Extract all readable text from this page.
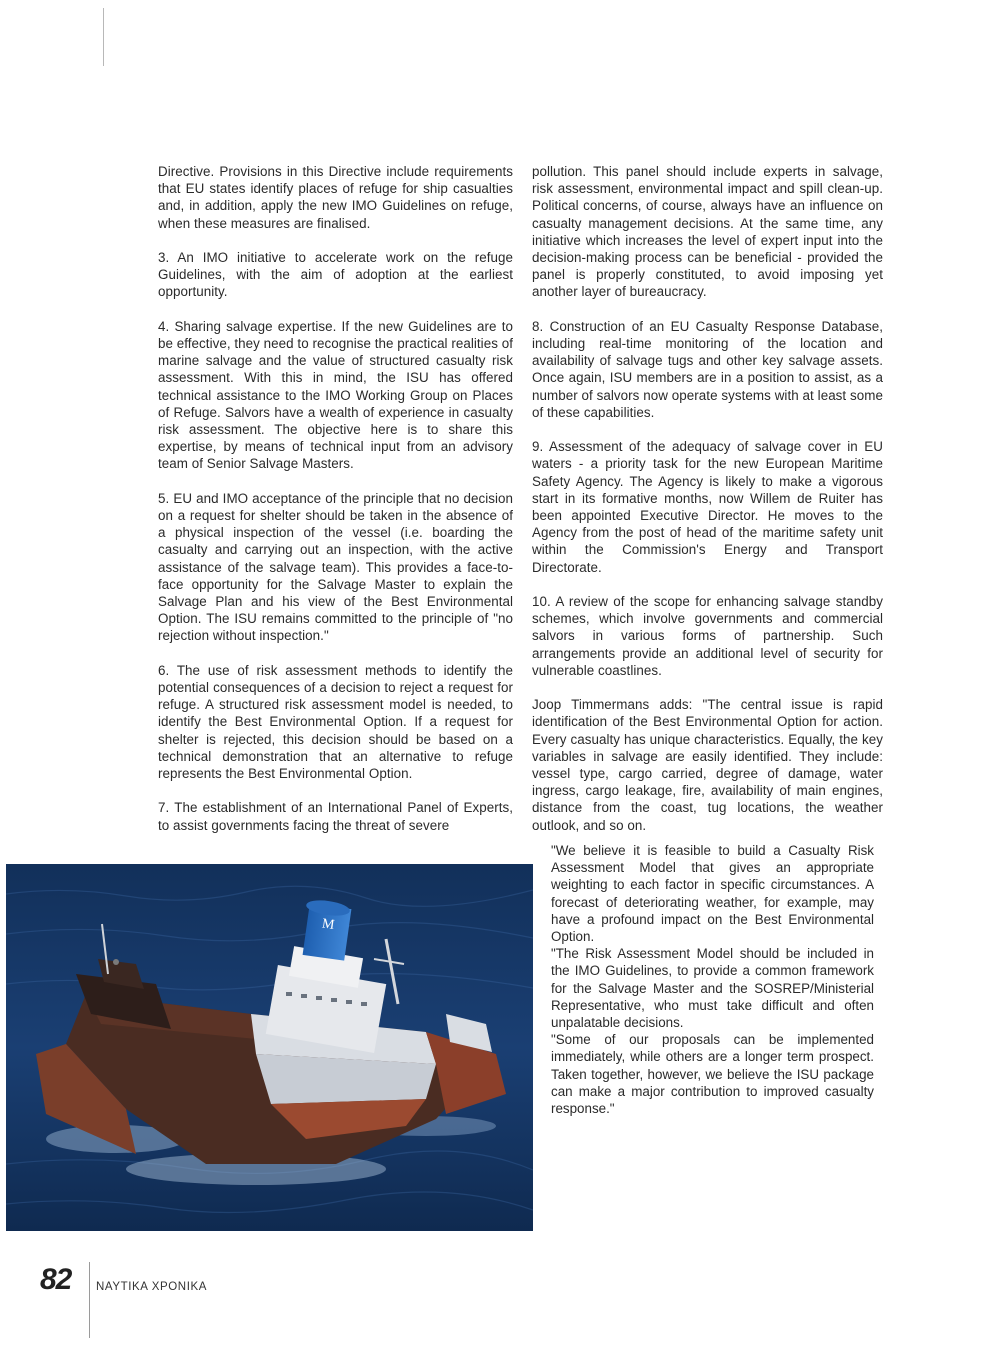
Directive. Provisions in this Directive include requirements that EU states identify places of refuge for ship casualties and, in addition, apply the new IMO Guidelines on refuge, when these measures are finalised.

3. An IMO initiative to accelerate work on the refuge Guidelines, with the aim of adoption at the earliest opportunity.

4. Sharing salvage expertise. If the new Guidelines are to be effective, they need to recognise the practical realities of marine salvage and the value of structured casualty risk assessment. With this in mind, the ISU has offered technical assistance to the IMO Working Group on Places of Refuge. Salvors have a wealth of experience in casualty risk assessment. The objective here is to share this expertise, by means of technical input from an advisory team of Senior Salvage Masters.

5. EU and IMO acceptance of the principle that no decision on a request for shelter should be taken in the absence of a physical inspection of the vessel (i.e. boarding the casualty and carrying out an inspection, with the active assistance of the salvage team). This provides a face-to-face opportunity for the Salvage Master to explain the Salvage Plan and his view of the Best Environmental Option. The ISU remains committed to the principle of "no rejection without inspection."

6. The use of risk assessment methods to identify the potential consequences of a decision to reject a request for refuge. A structured risk assessment model is needed, to identify the Best Environmental Option. If a request for shelter is rejected, this decision should be based on a technical demonstration that an alternative to refuge represents the Best Environmental Option.

7. The establishment of an International Panel of Experts, to assist governments facing the threat of severe

pollution. This panel should include experts in salvage, risk assessment, environmental impact and spill clean-up. Political concerns, of course, always have an influence on casualty management decisions. At the same time, any initiative which increases the level of expert input into the decision-making process can be beneficial - provided the panel is properly constituted, to avoid imposing yet another layer of bureaucracy.

8. Construction of an EU Casualty Response Database, including real-time monitoring of the location and availability of salvage tugs and other key salvage assets. Once again, ISU members are in a position to assist, as a number of salvors now operate systems with at least some of these capabilities.

9. Assessment of the adequacy of salvage cover in EU waters - a priority task for the new European Maritime Safety Agency. The Agency is likely to make a vigorous start in its formative months, now Willem de Ruiter has been appointed Executive Director. He moves to the Agency from the post of head of the maritime safety unit within the Commission's Energy and Transport Directorate.

10. A review of the scope for enhancing salvage standby schemes, which involve governments and commercial salvors in various forms of partnership. Such arrangements provide an additional level of security for vulnerable coastlines.

Joop Timmermans adds: "The central issue is rapid identification of the Best Environmental Option for action. Every casualty has unique characteristics. Equally, the key variables in salvage are easily identified. They include: vessel type, cargo carried, degree of damage, water ingress, cargo leakage, fire, availability of main engines, distance from the coast, tug locations, the weather outlook, and so on.

"We believe it is feasible to build a Casualty Risk Assessment Model that gives an appropriate weighting to each factor in specific circumstances. A forecast of deteriorating weather, for example, may have a profound impact on the Best Environmental Option.

"The Risk Assessment Model should be included in the IMO Guidelines, to provide a common framework for the Salvage Master and the SOSREP/Ministerial Representative, who must take difficult and often unpalatable decisions.

"Some of our proposals can be implemented immediately, while others are a longer term prospect. Taken together, however, we believe the ISU package can make a major contribution to improved casualty response."

M
82 ΝΑΥΤΙΚΑ ΧΡΟΝΙΚΑ
